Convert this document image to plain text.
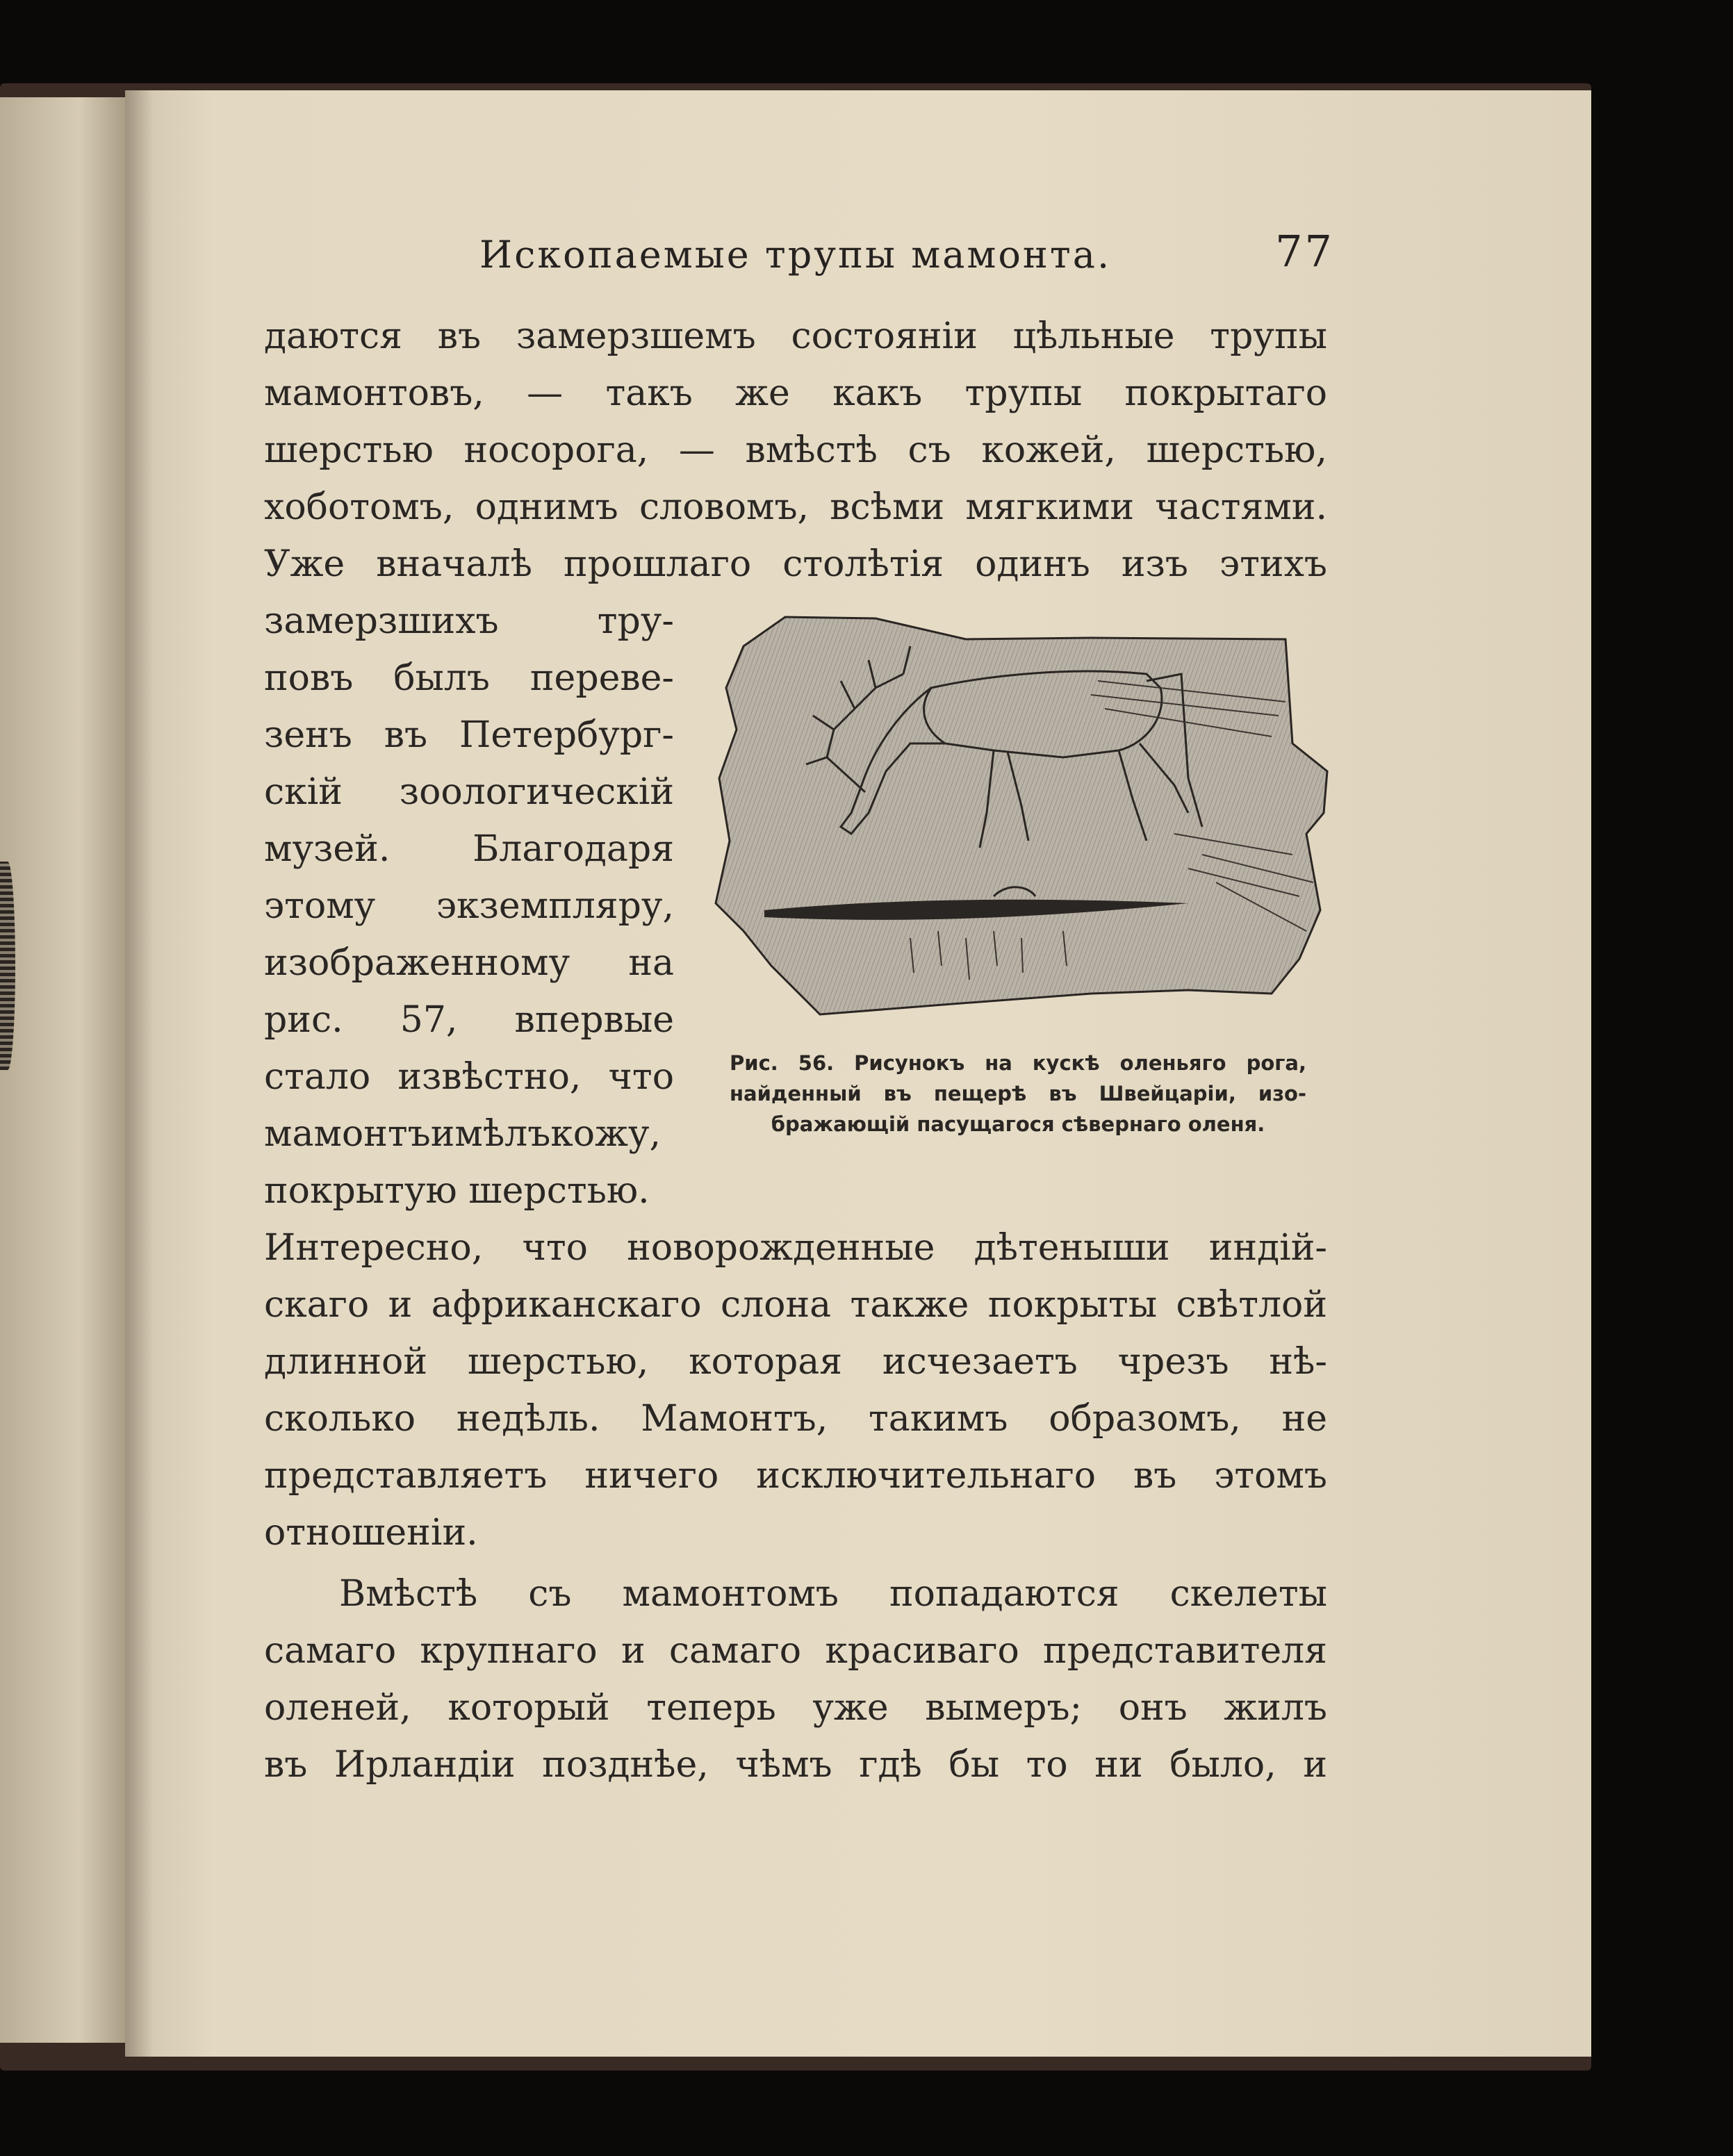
Ископаемые трупы мамонта.	77
даются въ замерзшемъ состоянiи цѣльные трупы
мамонтовъ, — такъ же какъ трупы покрытаго
шерстью носорога, — вмѣстѣ съ кожей, шерстью,
хоботомъ, однимъ словомъ, всѣми мягкими частями.
Уже вначалѣ прошлаго столѣтiя одинъ изъ этихъ
замерзшихъ тру-
повъ былъ переве-
зенъ въ Петербург-
скiй зоологическiй
музей. Благодаря
этому экземпляру,
изображенному на
рис. 57, впервые
стало извѣстно, что
мамонтъимѣлъкожу,
покрытую шерстью.
Интересно, что новорожденные дѣтеныши индiй-
скаго и африканскаго слона также покрыты свѣтлой
длинной шерстью, которая исчезаетъ чрезъ нѣ-
сколько недѣль. Мамонтъ, такимъ образомъ, не
представляетъ ничего исключительнаго въ этомъ
отношенiи.
Вмѣстѣ съ мамонтомъ попадаются скелеты
самаго крупнаго и самаго красиваго представителя
оленей, который теперь уже вымеръ; онъ жилъ
въ Ирландiи позднѣе, чѣмъ гдѣ бы то ни было, и
Рис. 56. Рисунокъ на кускѣ оленьяго рога,
найденный въ пещерѣ въ Швейцарiи, изо-
бражающiй пасущагося сѣвернаго оленя.
